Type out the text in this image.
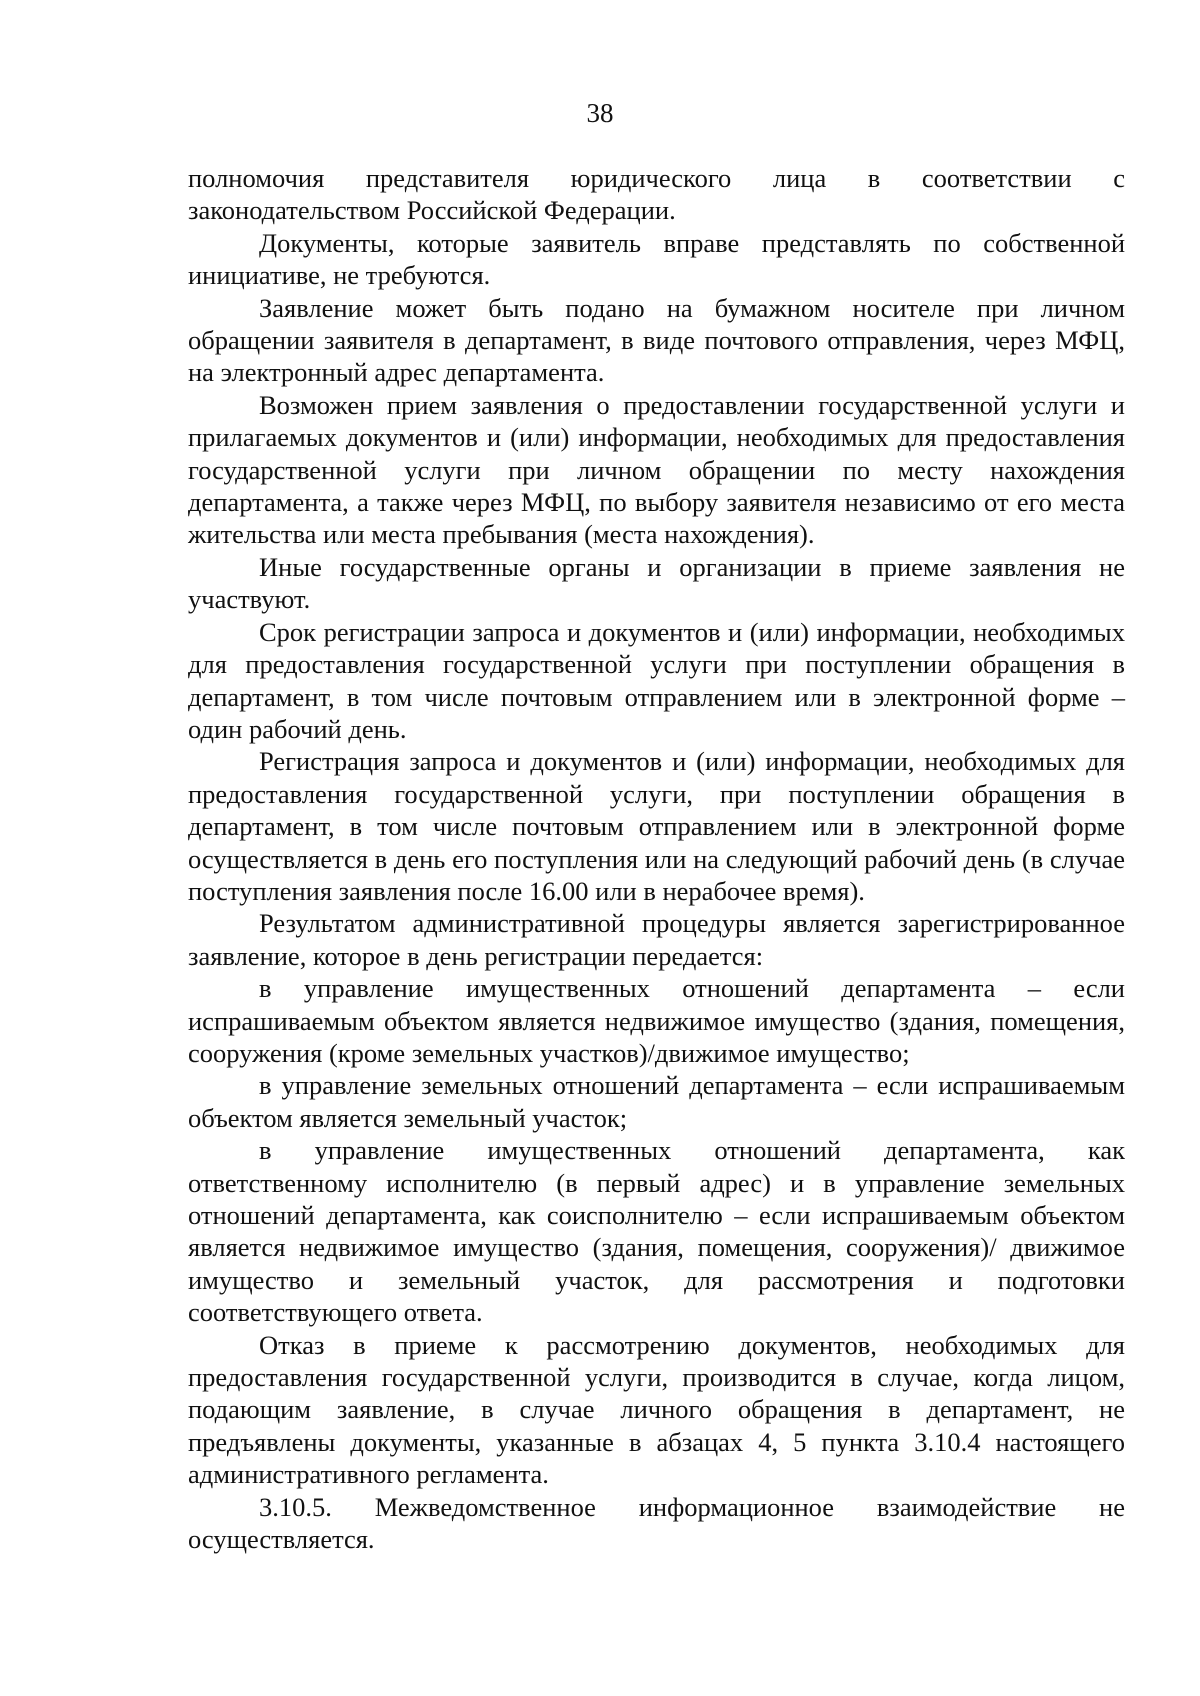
38

полномочия представителя юридического лица в соответствии с законодательством Российской Федерации.

Документы, которые заявитель вправе представлять по собственной инициативе, не требуются.

Заявление может быть подано на бумажном носителе при личном обращении заявителя в департамент, в виде почтового отправления, через МФЦ, на электронный адрес департамента.

Возможен прием заявления о предоставлении государственной услуги и прилагаемых документов и (или) информации, необходимых для предоставления государственной услуги при личном обращении по месту нахождения департамента, а также через МФЦ, по выбору заявителя независимо от его места жительства или места пребывания (места нахождения).

Иные государственные органы и организации в приеме заявления не участвуют.

Срок регистрации запроса и документов и (или) информации, необходимых для предоставления государственной услуги при поступлении обращения в департамент, в том числе почтовым отправлением или в электронной форме – один рабочий день.

Регистрация запроса и документов и (или) информации, необходимых для предоставления государственной услуги, при поступлении обращения в департамент, в том числе почтовым отправлением или в электронной форме осуществляется в день его поступления или на следующий рабочий день (в случае поступления заявления после 16.00 или в нерабочее время).

Результатом административной процедуры является зарегистрированное заявление, которое в день регистрации передается:

в управление имущественных отношений департамента – если испрашиваемым объектом является недвижимое имущество (здания, помещения, сооружения (кроме земельных участков)/движимое имущество;

в управление земельных отношений департамента – если испрашиваемым объектом является земельный участок;

в управление имущественных отношений департамента, как ответственному исполнителю (в первый адрес) и в управление земельных отношений департамента, как соисполнителю – если испрашиваемым объектом является недвижимое имущество (здания, помещения, сооружения)/ движимое имущество и земельный участок, для рассмотрения и подготовки соответствующего ответа.

Отказ в приеме к рассмотрению документов, необходимых для предоставления государственной услуги, производится в случае, когда лицом, подающим заявление, в случае личного обращения в департамент, не предъявлены документы, указанные в абзацах 4, 5 пункта 3.10.4 настоящего административного регламента.

3.10.5. Межведомственное информационное взаимодействие не осуществляется.
